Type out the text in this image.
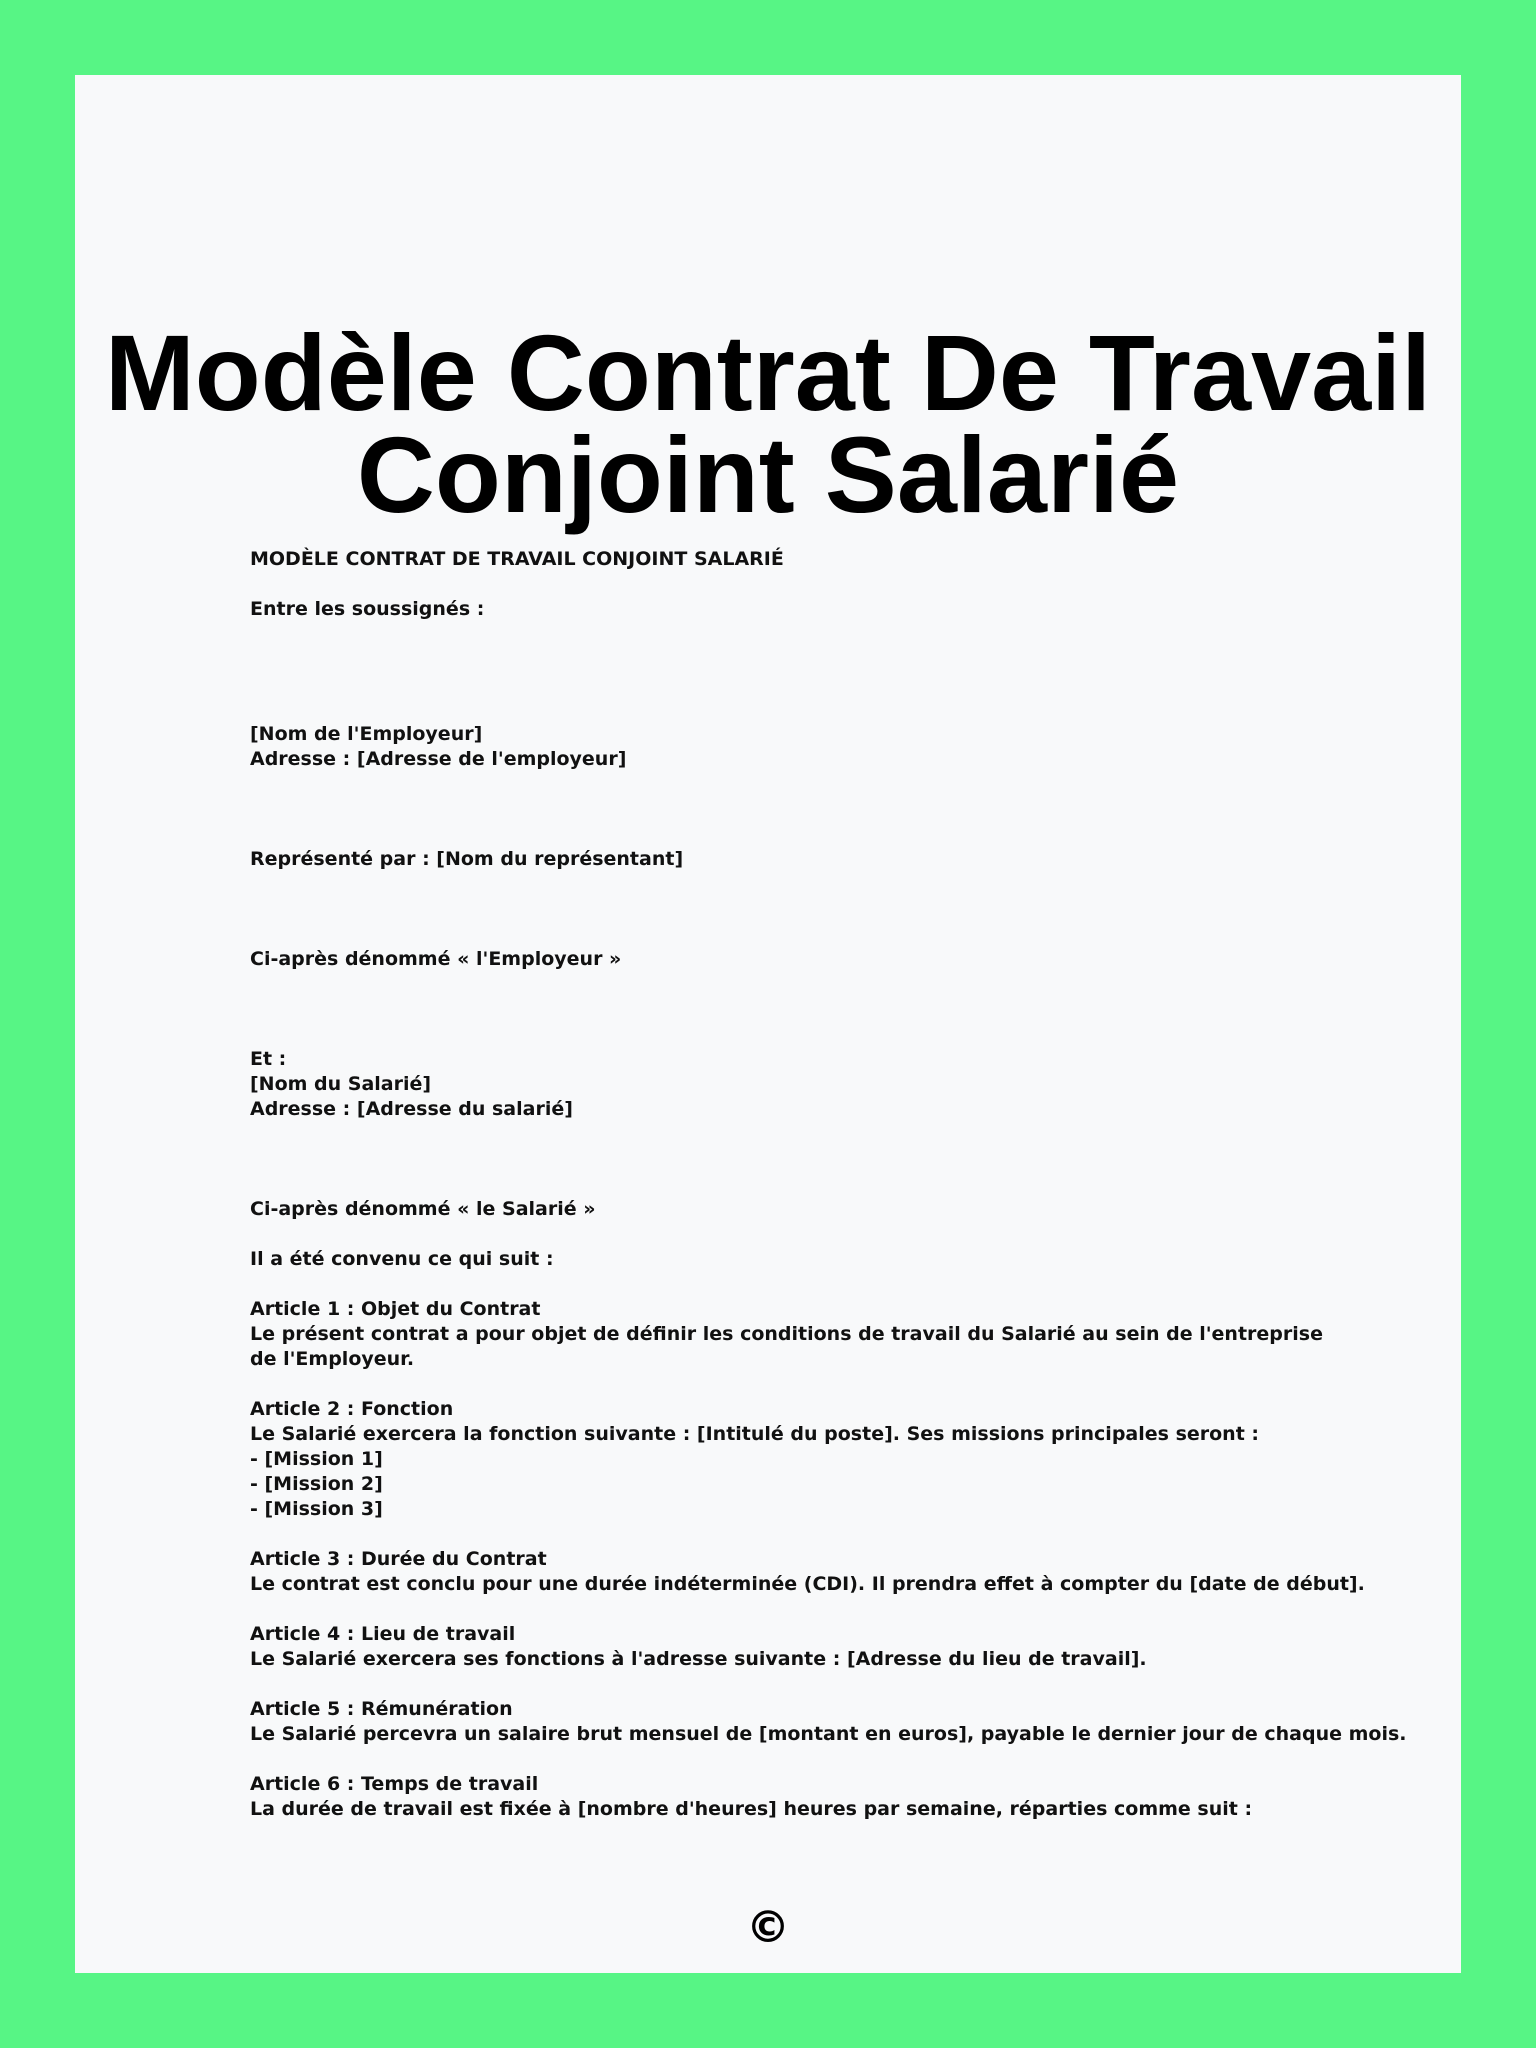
Modèle Contrat De Travail
Conjoint Salarié
MODÈLE CONTRAT DE TRAVAIL CONJOINT SALARIÉ
Entre les soussignés :
[Nom de l'Employeur]
Adresse : [Adresse de l'employeur]
Représenté par : [Nom du représentant]
Ci-après dénommé « l'Employeur »
Et :
[Nom du Salarié]
Adresse : [Adresse du salarié]
Ci-après dénommé « le Salarié »
Il a été convenu ce qui suit :
Article 1 : Objet du Contrat
Le présent contrat a pour objet de définir les conditions de travail du Salarié au sein de l'entreprise de l'Employeur.
Article 2 : Fonction
Le Salarié exercera la fonction suivante : [Intitulé du poste]. Ses missions principales seront :
- [Mission 1]
- [Mission 2]
- [Mission 3]
Article 3 : Durée du Contrat
Le contrat est conclu pour une durée indéterminée (CDI). Il prendra effet à compter du [date de début].
Article 4 : Lieu de travail
Le Salarié exercera ses fonctions à l'adresse suivante : [Adresse du lieu de travail].
Article 5 : Rémunération
Le Salarié percevra un salaire brut mensuel de [montant en euros], payable le dernier jour de chaque mois.
Article 6 : Temps de travail
La durée de travail est fixée à [nombre d'heures] heures par semaine, réparties comme suit :
©
